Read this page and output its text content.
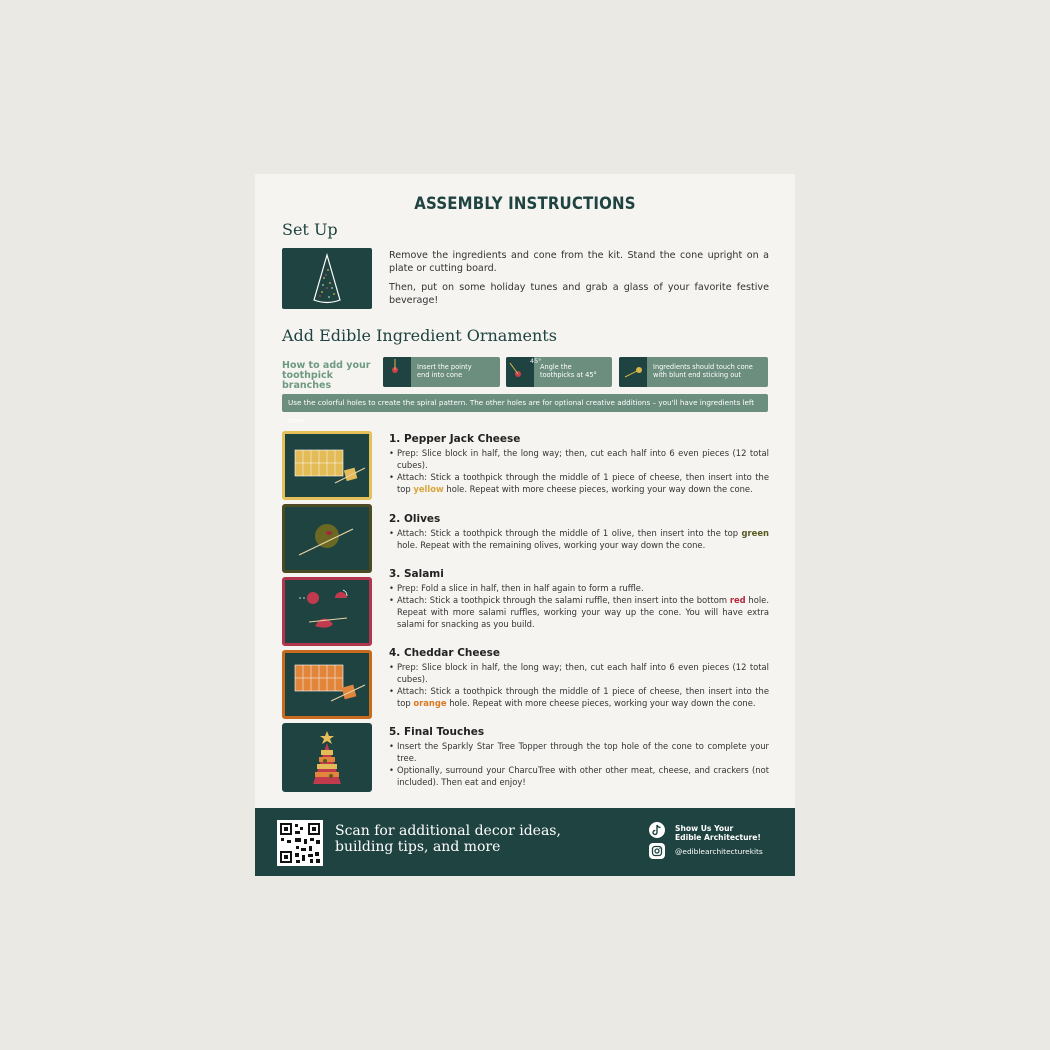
ASSEMBLY INSTRUCTIONS
Set Up

Remove the ingredients and cone from the kit. Stand the cone upright on a plate or cutting board.

Then, put on some holiday tunes and grab a glass of your favorite festive beverage!

Add Edible Ingredient Ornaments
How to add your
toothpick branches
Insert the pointy
end into cone
45°
Angle the
toothpicks at 45°
Ingredients should touch cone
with blunt end sticking out
Use the colorful holes to create the spiral pattern. The other holes are for optional creative additions – you'll have ingredients left over.
1. Pepper Jack Cheese
• Prep: Slice block in half, the long way; then, cut each half into 6 even pieces (12 total cubes).
• Attach: Stick a toothpick through the middle of 1 piece of cheese, then insert into the top yellow hole. Repeat with more cheese pieces, working your way down the cone.
2. Olives
• Attach: Stick a toothpick through the middle of 1 olive, then insert into the top green hole. Repeat with the remaining olives, working your way down the cone.
3. Salami
• Prep: Fold a slice in half, then in half again to form a ruffle.
• Attach: Stick a toothpick through the salami ruffle, then insert into the bottom red hole. Repeat with more salami ruffles, working your way up the cone. You will have extra salami for snacking as you build.
4. Cheddar Cheese
• Prep: Slice block in half, the long way; then, cut each half into 6 even pieces (12 total cubes).
• Attach: Stick a toothpick through the middle of 1 piece of cheese, then insert into the top orange hole. Repeat with more cheese pieces, working your way down the cone.
5. Final Touches
• Insert the Sparkly Star Tree Topper through the top hole of the cone to complete your tree.
• Optionally, surround your CharcuTree with other other meat, cheese, and crackers (not included). Then eat and enjoy!
Scan for additional decor ideas,
building tips, and more
Show Us Your
Edible Architecture!
@ediblearchitecturekits
